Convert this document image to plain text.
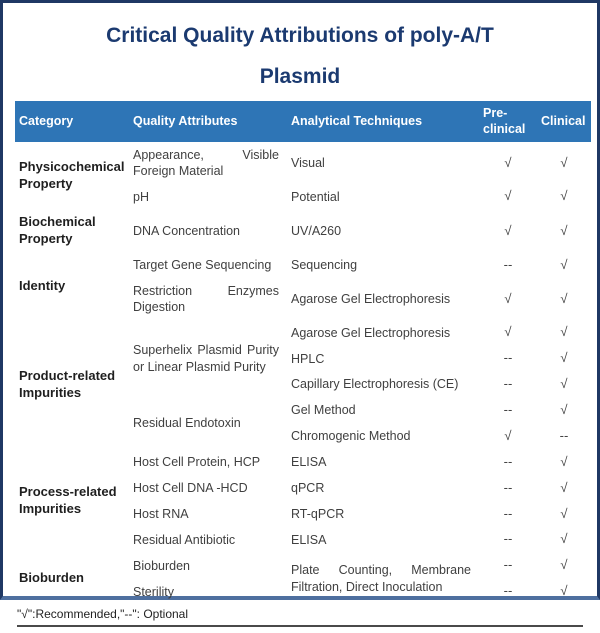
Critical Quality Attributions of poly-A/T Plasmid
Category	Quality Attributes	Analytical Techniques	Pre-clinical	Clinical
Physicochemical Property	Appearance, Visible Foreign Material	Visual	√	√
	pH	Potential	√	√
Biochemical Property	DNA Concentration	UV/A260	√	√
Identity	Target Gene Sequencing	Sequencing	--	√
	Restriction Enzymes Digestion	Agarose Gel Electrophoresis	√	√
Product-related Impurities	Superhelix Plasmid Purity or Linear Plasmid Purity	Agarose Gel Electrophoresis	√	√
		HPLC	--	√
		Capillary Electrophoresis (CE)	--	√
	Residual Endotoxin	Gel Method	--	√
		Chromogenic Method	√	--
Process-related Impurities	Host Cell Protein, HCP	ELISA	--	√
	Host Cell DNA -HCD	qPCR	--	√
	Host RNA	RT-qPCR	--	√
	Residual Antibiotic	ELISA	--	√
Bioburden	Bioburden	Plate Counting, Membrane Filtration, Direct Inoculation	--	√
	Sterility		--	√
"√":Recommended,"--": Optional
